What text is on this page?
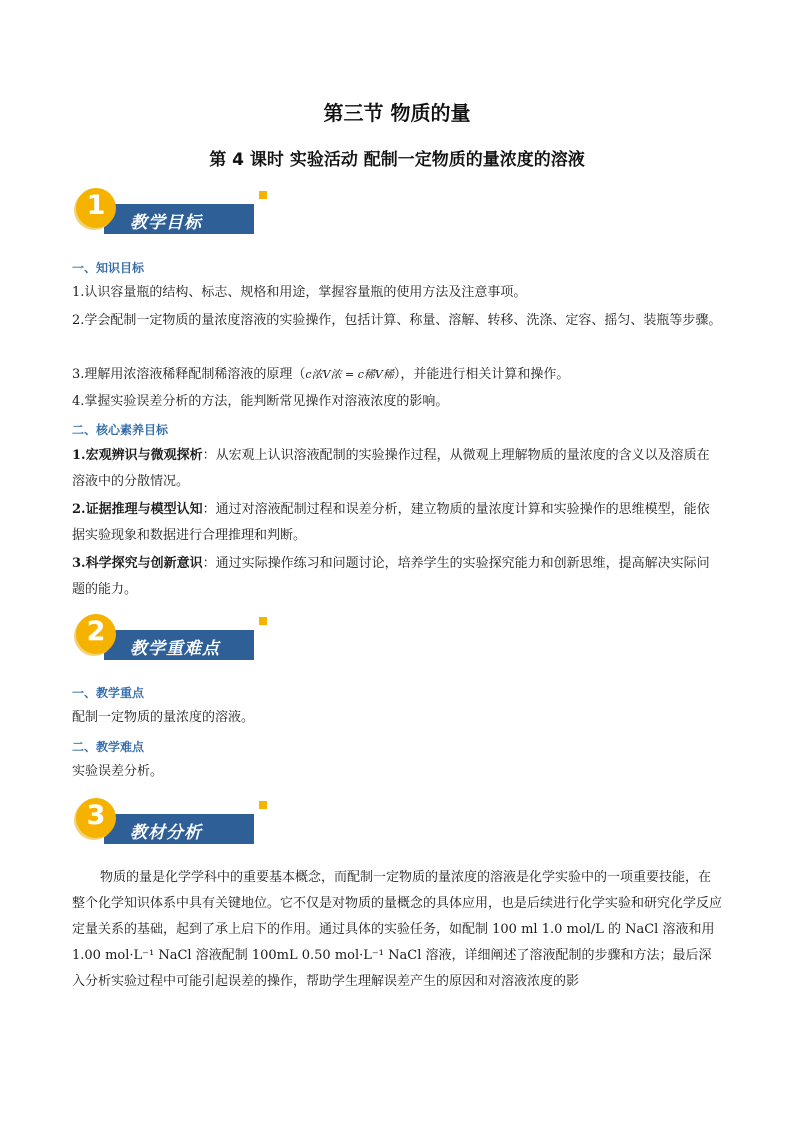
第三节 物质的量
第 4 课时 实验活动 配制一定物质的量浓度的溶液
教学目标
1
一、知识目标
1.认识容量瓶的结构、标志、规格和用途，掌握容量瓶的使用方法及注意事项。
2.学会配制一定物质的量浓度溶液的实验操作，包括计算、称量、溶解、转移、洗涤、定容、摇匀、装瓶等步骤。
3.理解用浓溶液稀释配制稀溶液的原理（c浓V浓 = c稀V稀），并能进行相关计算和操作。
4.掌握实验误差分析的方法，能判断常见操作对溶液浓度的影响。
二、核心素养目标
1.宏观辨识与微观探析：从宏观上认识溶液配制的实验操作过程，从微观上理解物质的量浓度的含义以及溶质在溶液中的分散情况。
2.证据推理与模型认知：通过对溶液配制过程和误差分析，建立物质的量浓度计算和实验操作的思维模型，能依据实验现象和数据进行合理推理和判断。
3.科学探究与创新意识：通过实际操作练习和问题讨论，培养学生的实验探究能力和创新思维，提高解决实际问题的能力。
教学重难点
2
一、教学重点
配制一定物质的量浓度的溶液。
二、教学难点
实验误差分析。
教材分析
3
物质的量是化学学科中的重要基本概念，而配制一定物质的量浓度的溶液是化学实验中的一项重要技能，在整个化学知识体系中具有关键地位。它不仅是对物质的量概念的具体应用，也是后续进行化学实验和研究化学反应定量关系的基础，起到了承上启下的作用。通过具体的实验任务，如配制 100 ml 1.0 mol/L 的 NaCl 溶液和用 1.00 mol·L⁻¹ NaCl 溶液配制 100mL 0.50 mol·L⁻¹ NaCl 溶液，详细阐述了溶液配制的步骤和方法；最后深入分析实验过程中可能引起误差的操作，帮助学生理解误差产生的原因和对溶液浓度的影
